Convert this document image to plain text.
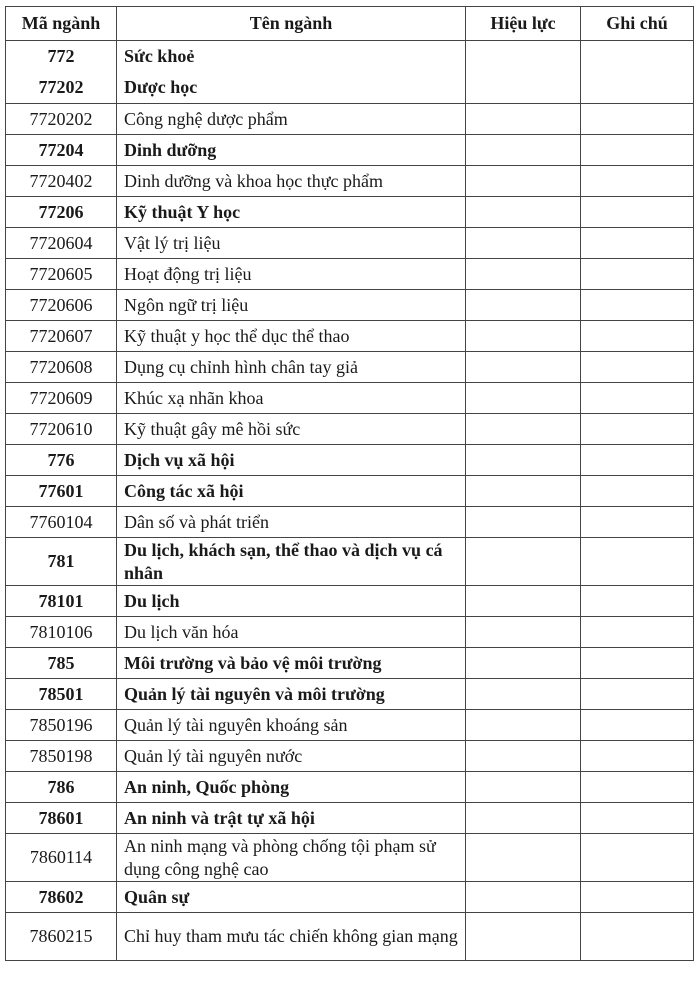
Mã ngành	Tên ngành	Hiệu lực	Ghi chú
772	Sức khoẻ		
77202	Dược học		
7720202	Công nghệ dược phẩm		
77204	Dinh dưỡng		
7720402	Dinh dưỡng và khoa học thực phẩm		
77206	Kỹ thuật Y học		
7720604	Vật lý trị liệu		
7720605	Hoạt động trị liệu		
7720606	Ngôn ngữ trị liệu		
7720607	Kỹ thuật y học thể dục thể thao		
7720608	Dụng cụ chỉnh hình chân tay giả		
7720609	Khúc xạ nhãn khoa		
7720610	Kỹ thuật gây mê hồi sức		
776	Dịch vụ xã hội		
77601	Công tác xã hội		
7760104	Dân số và phát triển		
781	Du lịch, khách sạn, thể thao và dịch vụ cá nhân		
78101	Du lịch		
7810106	Du lịch văn hóa		
785	Môi trường và bảo vệ môi trường		
78501	Quản lý tài nguyên và môi trường		
7850196	Quản lý tài nguyên khoáng sản		
7850198	Quản lý tài nguyên nước		
786	An ninh, Quốc phòng		
78601	An ninh và trật tự xã hội		
7860114	An ninh mạng và phòng chống tội phạm sử dụng công nghệ cao		
78602	Quân sự		
7860215	Chỉ huy tham mưu tác chiến không gian mạng		
